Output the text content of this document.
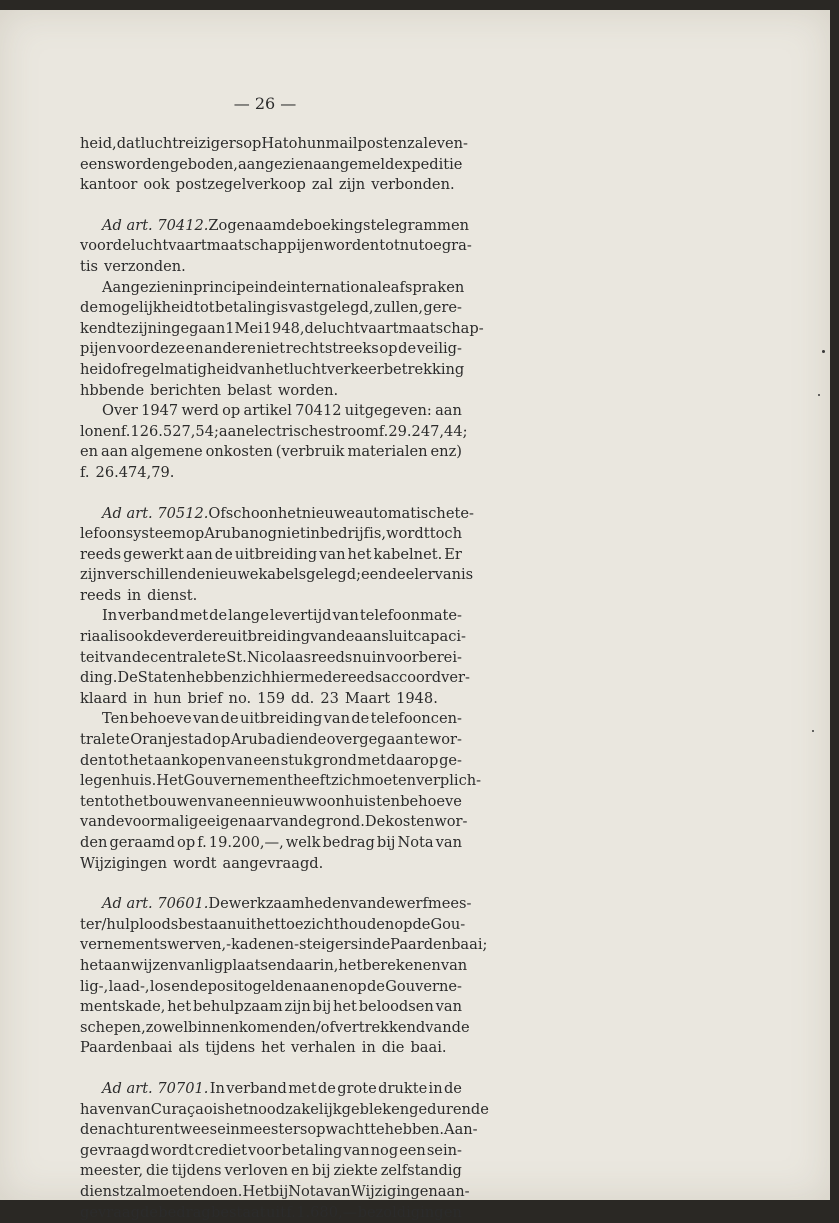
— 26 —
heid, dat luchtreizigers op Hato hun mail posten zal even-
eens worden geboden, aangezien aan gemeld expeditie
kantoor ook postzegelverkoop zal zijn verbonden.
Ad art. 70412. Zogenaamde boekingstelegrammen
voor de luchtvaartmaatschappijen worden tot nu toe gra-
tis verzonden.
Aangezien in principe in de internationale afspraken
de mogelijkheid tot betaling is vastgelegd, zullen, gere-
kend te zijn ingegaan 1 Mei 1948, de luchtvaartmaatschap-
pijen voor deze en andere niet rechtstreeks op de veilig-
heid of regelmatigheid van het luchtverkeer betrekking
hbbende berichten belast worden.
Over 1947 werd op artikel 70412 uitgegeven: aan
lonen f. 126.527,54; aan electrische stroom f. 29.247,44;
en aan algemene onkosten (verbruik materialen enz)
f. 26.474,79.
Ad art. 70512. Ofschoon het nieuwe automatische te-
lefoonsysteem op Aruba nog niet in bedrijf is, wordt toch
reeds gewerkt aan de uitbreiding van het kabelnet. Er
zijn verschillende nieuwe kabels gelegd; een deel ervan is
reeds in dienst.
In verband met de lange levertijd van telefoonmate-
riaal is ook de verdere uitbreiding van de aansluitcapaci-
teit van de centrale te St. Nicolaas reeds nu in voorberei-
ding. De Staten hebben zich hiermede reeds accoord ver-
klaard in hun brief no. 159 dd. 23 Maart 1948.
Ten behoeve van de uitbreiding van de telefooncen-
trale te Oranjestad op Aruba diende overgegaan te wor-
den tot het aankopen van een stuk grond met daarop ge-
legen huis. Het Gouvernement heeft zich moeten verplich-
ten tot het bouwen van een nieuw woonhuis ten behoeve
van de voormalige eigenaar van de grond. De kosten wor-
den geraamd op f. 19.200,—, welk bedrag bij Nota van
Wijzigingen wordt aangevraagd.
Ad art. 70601. De werkzaamheden van de werfmees-
ter/hulploods bestaan uit het toezicht houden op de Gou-
vernementswerven, -kaden en -steigers in de Paardenbaai;
het aanwijzen van ligplaatsen daarin, het berekenen van
lig-, laad-, los en depositogelden aan en op de Gouverne-
mentskade, het behulpzaam zijn bij het beloodsen van
schepen, zowel binnenkomend en/of vertrekkend van de
Paardenbaai als tijdens het verhalen in die baai.
Ad art. 70701. In verband met de grote drukte in de
haven van Curaçao is het noodzakelijk gebleken gedurende
de nachturen twee seinmeesters op wacht te hebben. Aan-
gevraagd wordt crediet voor betaling van nog een sein-
meester, die tijdens verloven en bij ziekte zelfstandig
dienst zal moeten doen. Het bij Nota van Wijzigingen aan-
gevraagde bedrag bestaat uit f. 1.680,— bezoldiging en
